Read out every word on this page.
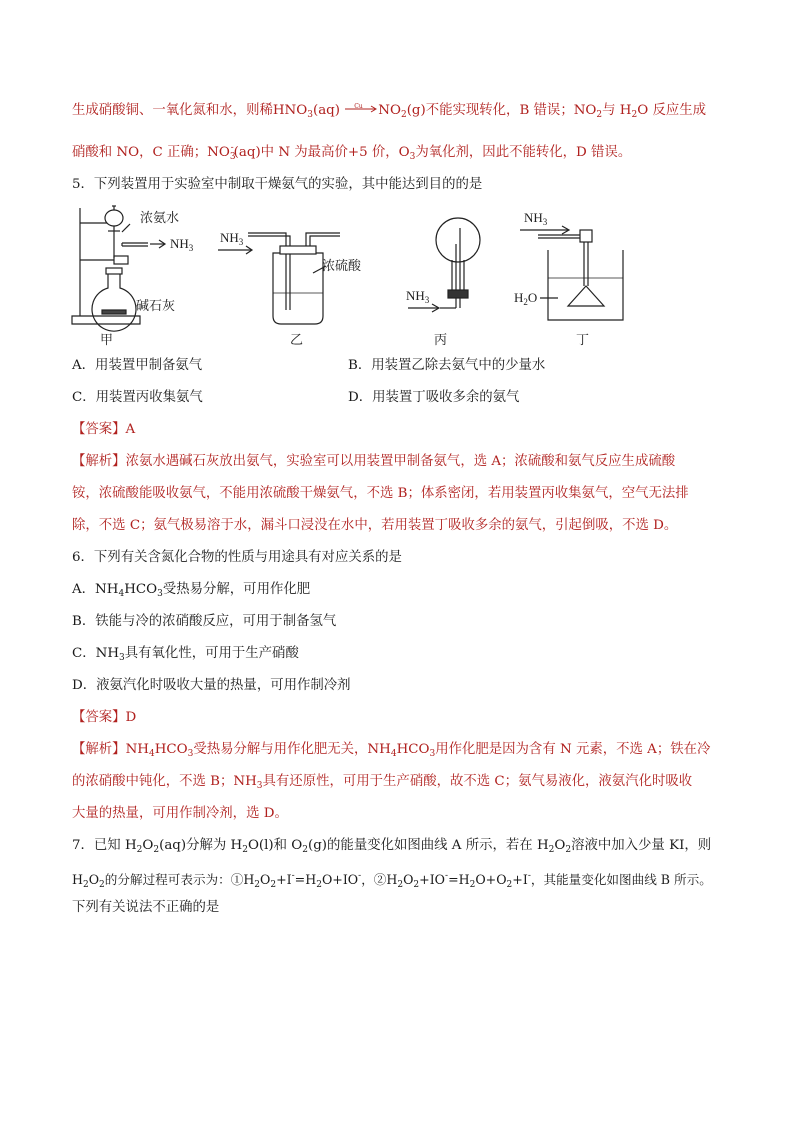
生成硝酸铜、一氧化氮和水，则稀$HNO_3(aq)$ Cu $NO_2(g)$不能实现转化，B 错误；$NO_2$与 $H_2O$ 反应生成
硝酸和 NO，C 正确；$NO_3^-(aq)$中 N 为最高价+5 价，$O_3$为氧化剂，因此不能转化，D 错误。
5．下列装置用于实验室中制取干燥氨气的实验，其中能达到目的的是
浓氨水
$NH_3$
碱石灰
甲
$NH_3$
浓硫酸
乙
$NH_3$
丙
$NH_3$
$H_2O$
丁
A．用装置甲制备氨气	B．用装置乙除去氨气中的少量水
C．用装置丙收集氨气	D．用装置丁吸收多余的氨气
【答案】A
【解析】浓氨水遇碱石灰放出氨气，实验室可以用装置甲制备氨气，选 A；浓硫酸和氨气反应生成硫酸
铵，浓硫酸能吸收氨气，不能用浓硫酸干燥氨气，不选 B；体系密闭，若用装置丙收集氨气，空气无法排
除，不选 C；氨气极易溶于水，漏斗口浸没在水中，若用装置丁吸收多余的氨气，引起倒吸，不选 D。
6．下列有关含氮化合物的性质与用途具有对应关系的是
A．$NH_4HCO_3$受热易分解，可用作化肥
B．铁能与冷的浓硝酸反应，可用于制备氢气
C．$NH_3$具有氧化性，可用于生产硝酸
D．液氨汽化时吸收大量的热量，可用作制冷剂
【答案】D
【解析】$NH_4HCO_3$受热易分解与用作化肥无关，$NH_4HCO_3$用作化肥是因为含有 N 元素，不选 A；铁在冷
的浓硝酸中钝化，不选 B；$NH_3$具有还原性，可用于生产硝酸，故不选 C；氨气易液化，液氨汽化时吸收
大量的热量，可用作制冷剂，选 D。
7．已知 $H_2O_2(aq)$分解为 $H_2O(l)$和 $O_2(g)$的能量变化如图曲线 A 所示，若在 $H_2O_2$溶液中加入少量 KI，则
$H_2O_2$的分解过程可表示为：$①H_2O_2+I^-=H_2O+IO^-$，$②H_2O_2+IO^-=H_2O+O_2+I^-$，其能量变化如图曲线 B 所示。
下列有关说法不正确的是
